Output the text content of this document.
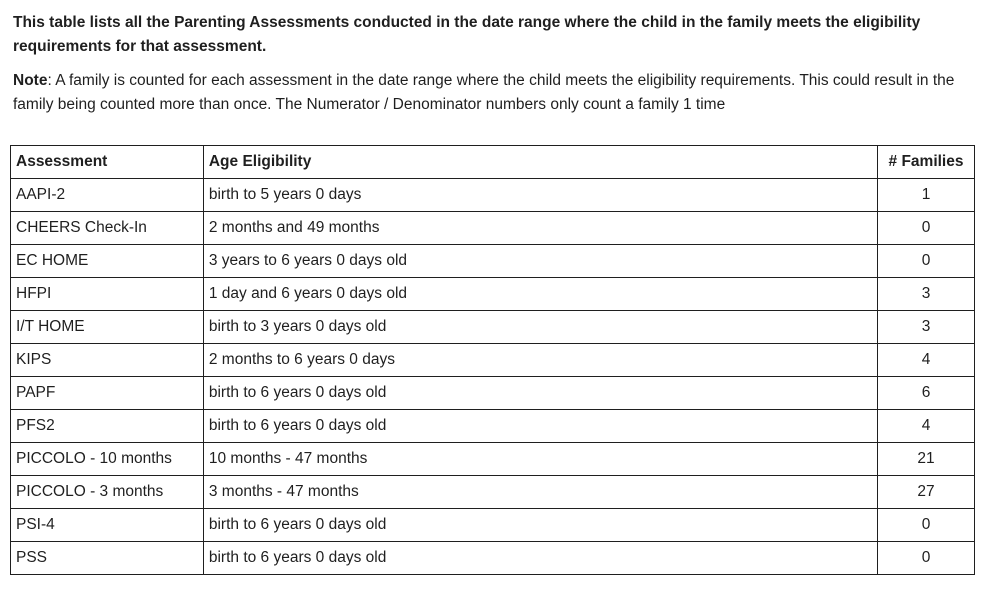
This table lists all the Parenting Assessments conducted in the date range where the child in the family meets the eligibility requirements for that assessment.

Note: A family is counted for each assessment in the date range where the child meets the eligibility requirements. This could result in the family being counted more than once. The Numerator / Denominator numbers only count a family 1 time

Assessment	Age Eligibility	# Families
AAPI-2	birth to 5 years 0 days	1
CHEERS Check-In	2 months and 49 months	0
EC HOME	3 years to 6 years 0 days old	0
HFPI	1 day and 6 years 0 days old	3
I/T HOME	birth to 3 years 0 days old	3
KIPS	2 months to 6 years 0 days	4
PAPF	birth to 6 years 0 days old	6
PFS2	birth to 6 years 0 days old	4
PICCOLO - 10 months	10 months - 47 months	21
PICCOLO - 3 months	3 months - 47 months	27
PSI-4	birth to 6 years 0 days old	0
PSS	birth to 6 years 0 days old	0
